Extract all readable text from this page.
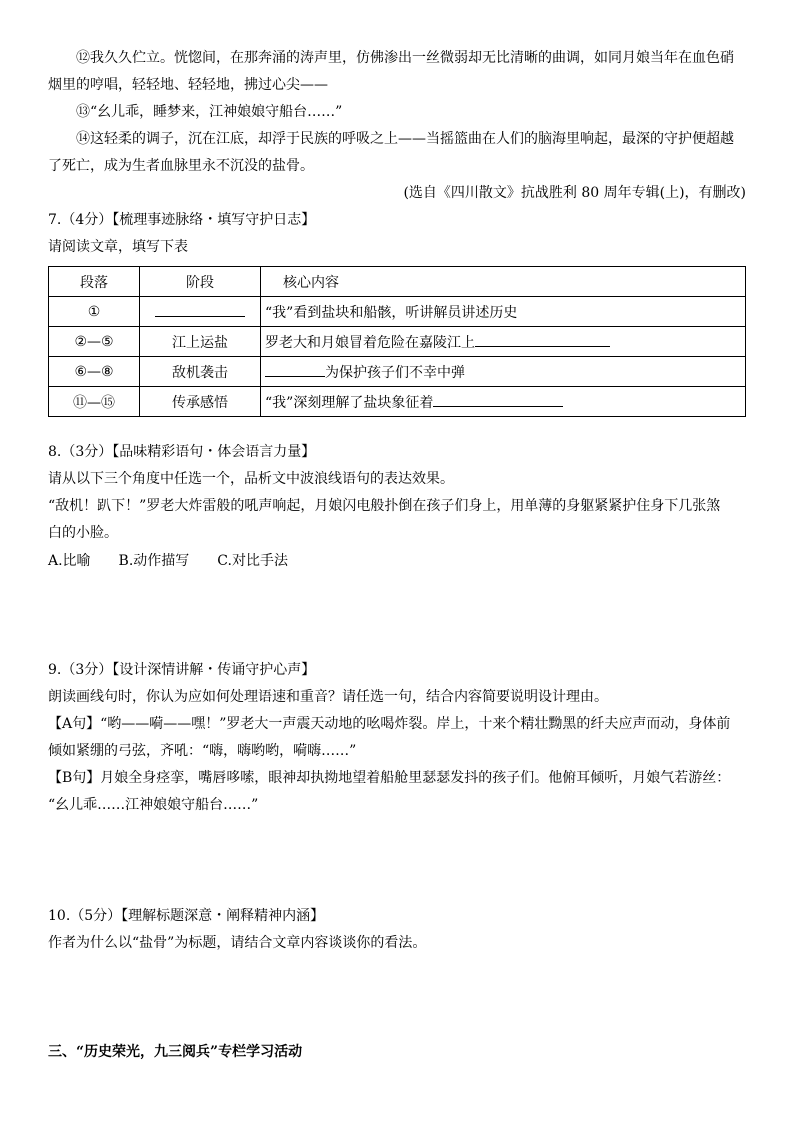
⑫我久久伫立。恍惚间，在那奔涌的涛声里，仿佛渗出一丝微弱却无比清晰的曲调，如同月娘当年在血色硝
烟里的哼唱，轻轻地、轻轻地，拂过心尖——
⑬“幺儿乖，睡梦来，江神娘娘守船台……”
⑭这轻柔的调子，沉在江底，却浮于民族的呼吸之上——当摇篮曲在人们的脑海里响起，最深的守护便超越
了死亡，成为生者血脉里永不沉没的盐骨。
(选自《四川散文》抗战胜利 80 周年专辑(上)，有删改)
7.（4分）【梳理事迹脉络・填写守护日志】
请阅读文章，填写下表
段落	阶段	核心内容
①		“我”看到盐块和船骸，听讲解员讲述历史
②—⑤	江上运盐	罗老大和月娘冒着危险在嘉陵江上
⑥—⑧	敌机袭击	为保护孩子们不幸中弹
⑪—⑮	传承感悟	“我”深刻理解了盐块象征着
8.（3分）【品味精彩语句・体会语言力量】
请从以下三个角度中任选一个，品析文中波浪线语句的表达效果。
“敌机！趴下！”罗老大炸雷般的吼声响起，月娘闪电般扑倒在孩子们身上，用单薄的身躯紧紧护住身下几张煞
白的小脸。
A.比喻　　B.动作描写　　C.对比手法
9.（3分）【设计深情讲解・传诵守护心声】
朗读画线句时，你认为应如何处理语速和重音？请任选一句，结合内容简要说明设计理由。
【A句】“哟——嗬——嘿！”罗老大一声震天动地的吆喝炸裂。岸上，十来个精壮黝黑的纤夫应声而动，身体前
倾如紧绷的弓弦，齐吼：“嗨，嗨哟哟，嗬嗨……”
【B句】月娘全身痉挛，嘴唇哆嗦，眼神却执拗地望着船舱里瑟瑟发抖的孩子们。他俯耳倾听，月娘气若游丝：
“幺儿乖……江神娘娘守船台……”
10.（5分）【理解标题深意・阐释精神内涵】
作者为什么以“盐骨”为标题，请结合文章内容谈谈你的看法。
三、“历史荣光，九三阅兵”专栏学习活动
